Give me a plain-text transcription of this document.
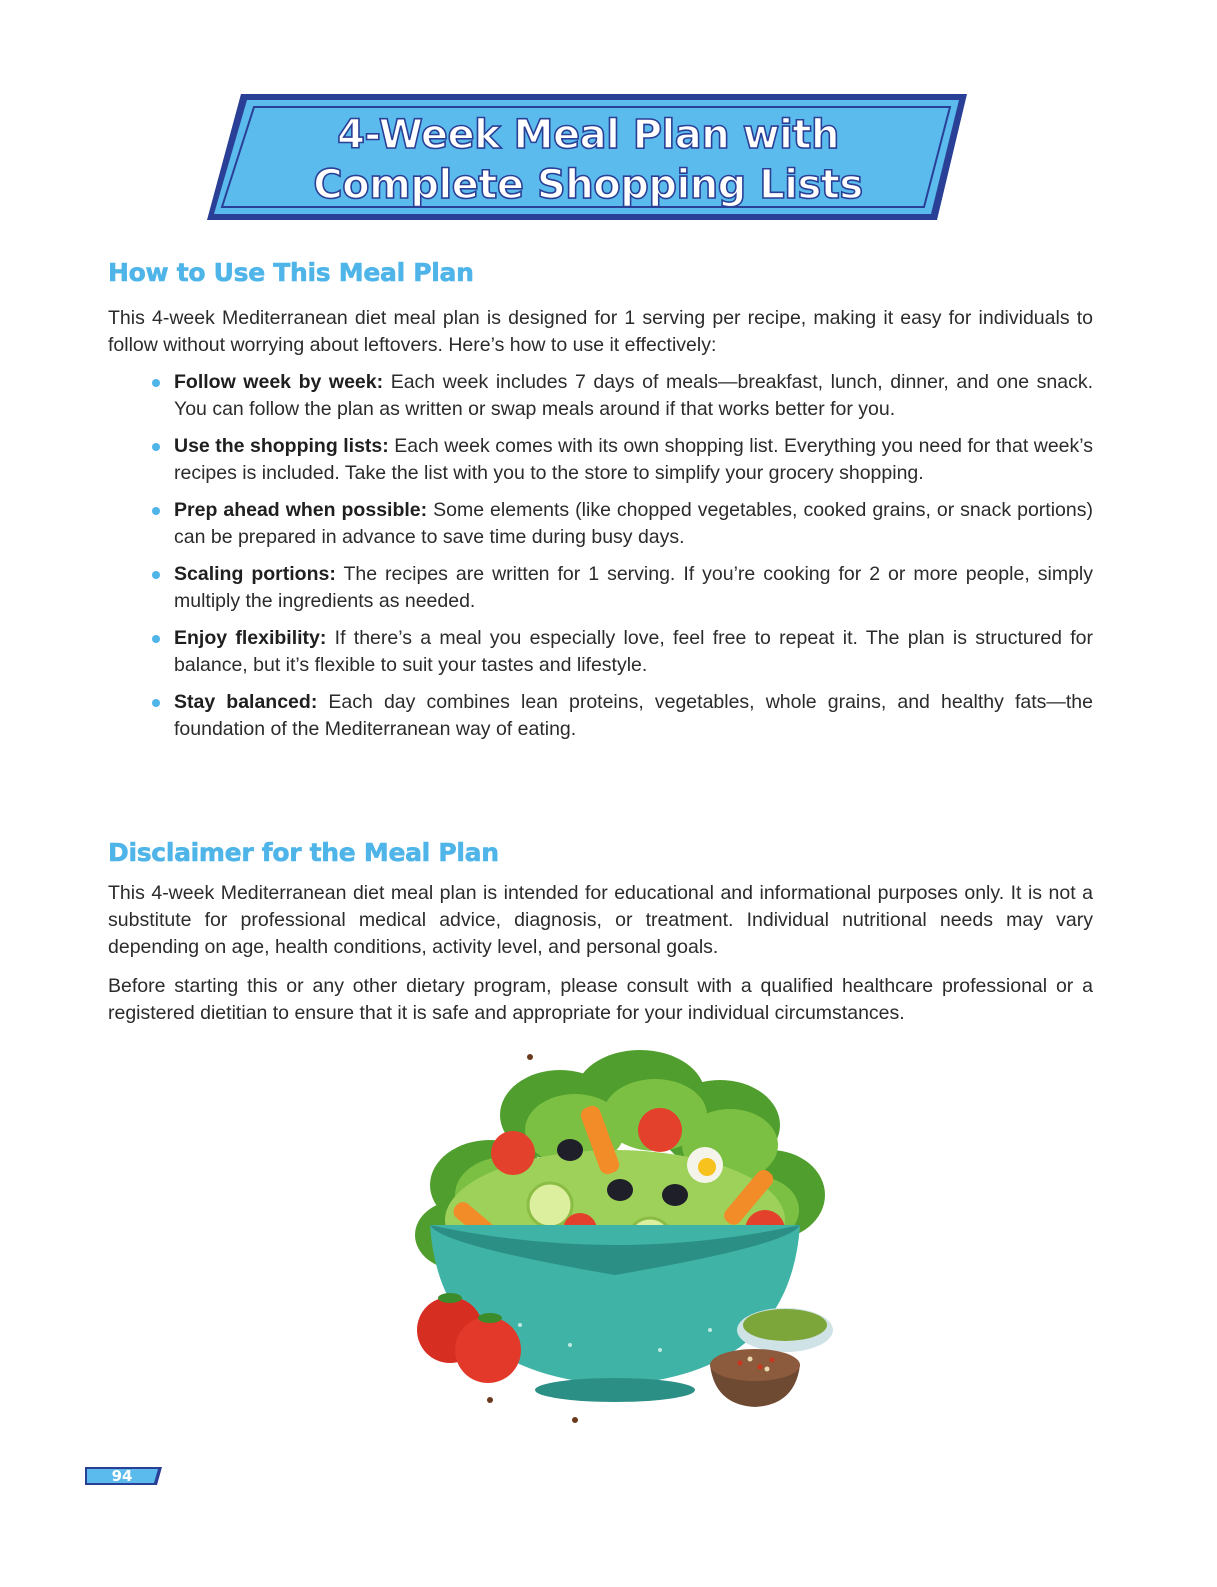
4-Week Meal Plan with
Complete Shopping Lists
How to Use This Meal Plan

This 4-week Mediterranean diet meal plan is designed for 1 serving per recipe, making it easy for individuals to follow without worrying about leftovers. Here’s how to use it effectively:

Follow week by week: Each week includes 7 days of meals—breakfast, lunch, dinner, and one snack. You can follow the plan as written or swap meals around if that works better for you.
Use the shopping lists: Each week comes with its own shopping list. Everything you need for that week’s recipes is included. Take the list with you to the store to simplify your grocery shopping.
Prep ahead when possible: Some elements (like chopped vegetables, cooked grains, or snack portions) can be prepared in advance to save time during busy days.
Scaling portions: The recipes are written for 1 serving. If you’re cooking for 2 or more people, simply multiply the ingredients as needed.
Enjoy flexibility: If there’s a meal you especially love, feel free to repeat it. The plan is structured for balance, but it’s flexible to suit your tastes and lifestyle.
Stay balanced: Each day combines lean proteins, vegetables, whole grains, and healthy fats—the foundation of the Mediterranean way of eating.
Disclaimer for the Meal Plan

This 4-week Mediterranean diet meal plan is intended for educational and informational purposes only. It is not a substitute for professional medical advice, diagnosis, or treatment. Individual nutritional needs may vary depending on age, health conditions, activity level, and personal goals.

Before starting this or any other dietary program, please consult with a qualified healthcare professional or a registered dietitian to ensure that it is safe and appropriate for your individual circumstances.

94
